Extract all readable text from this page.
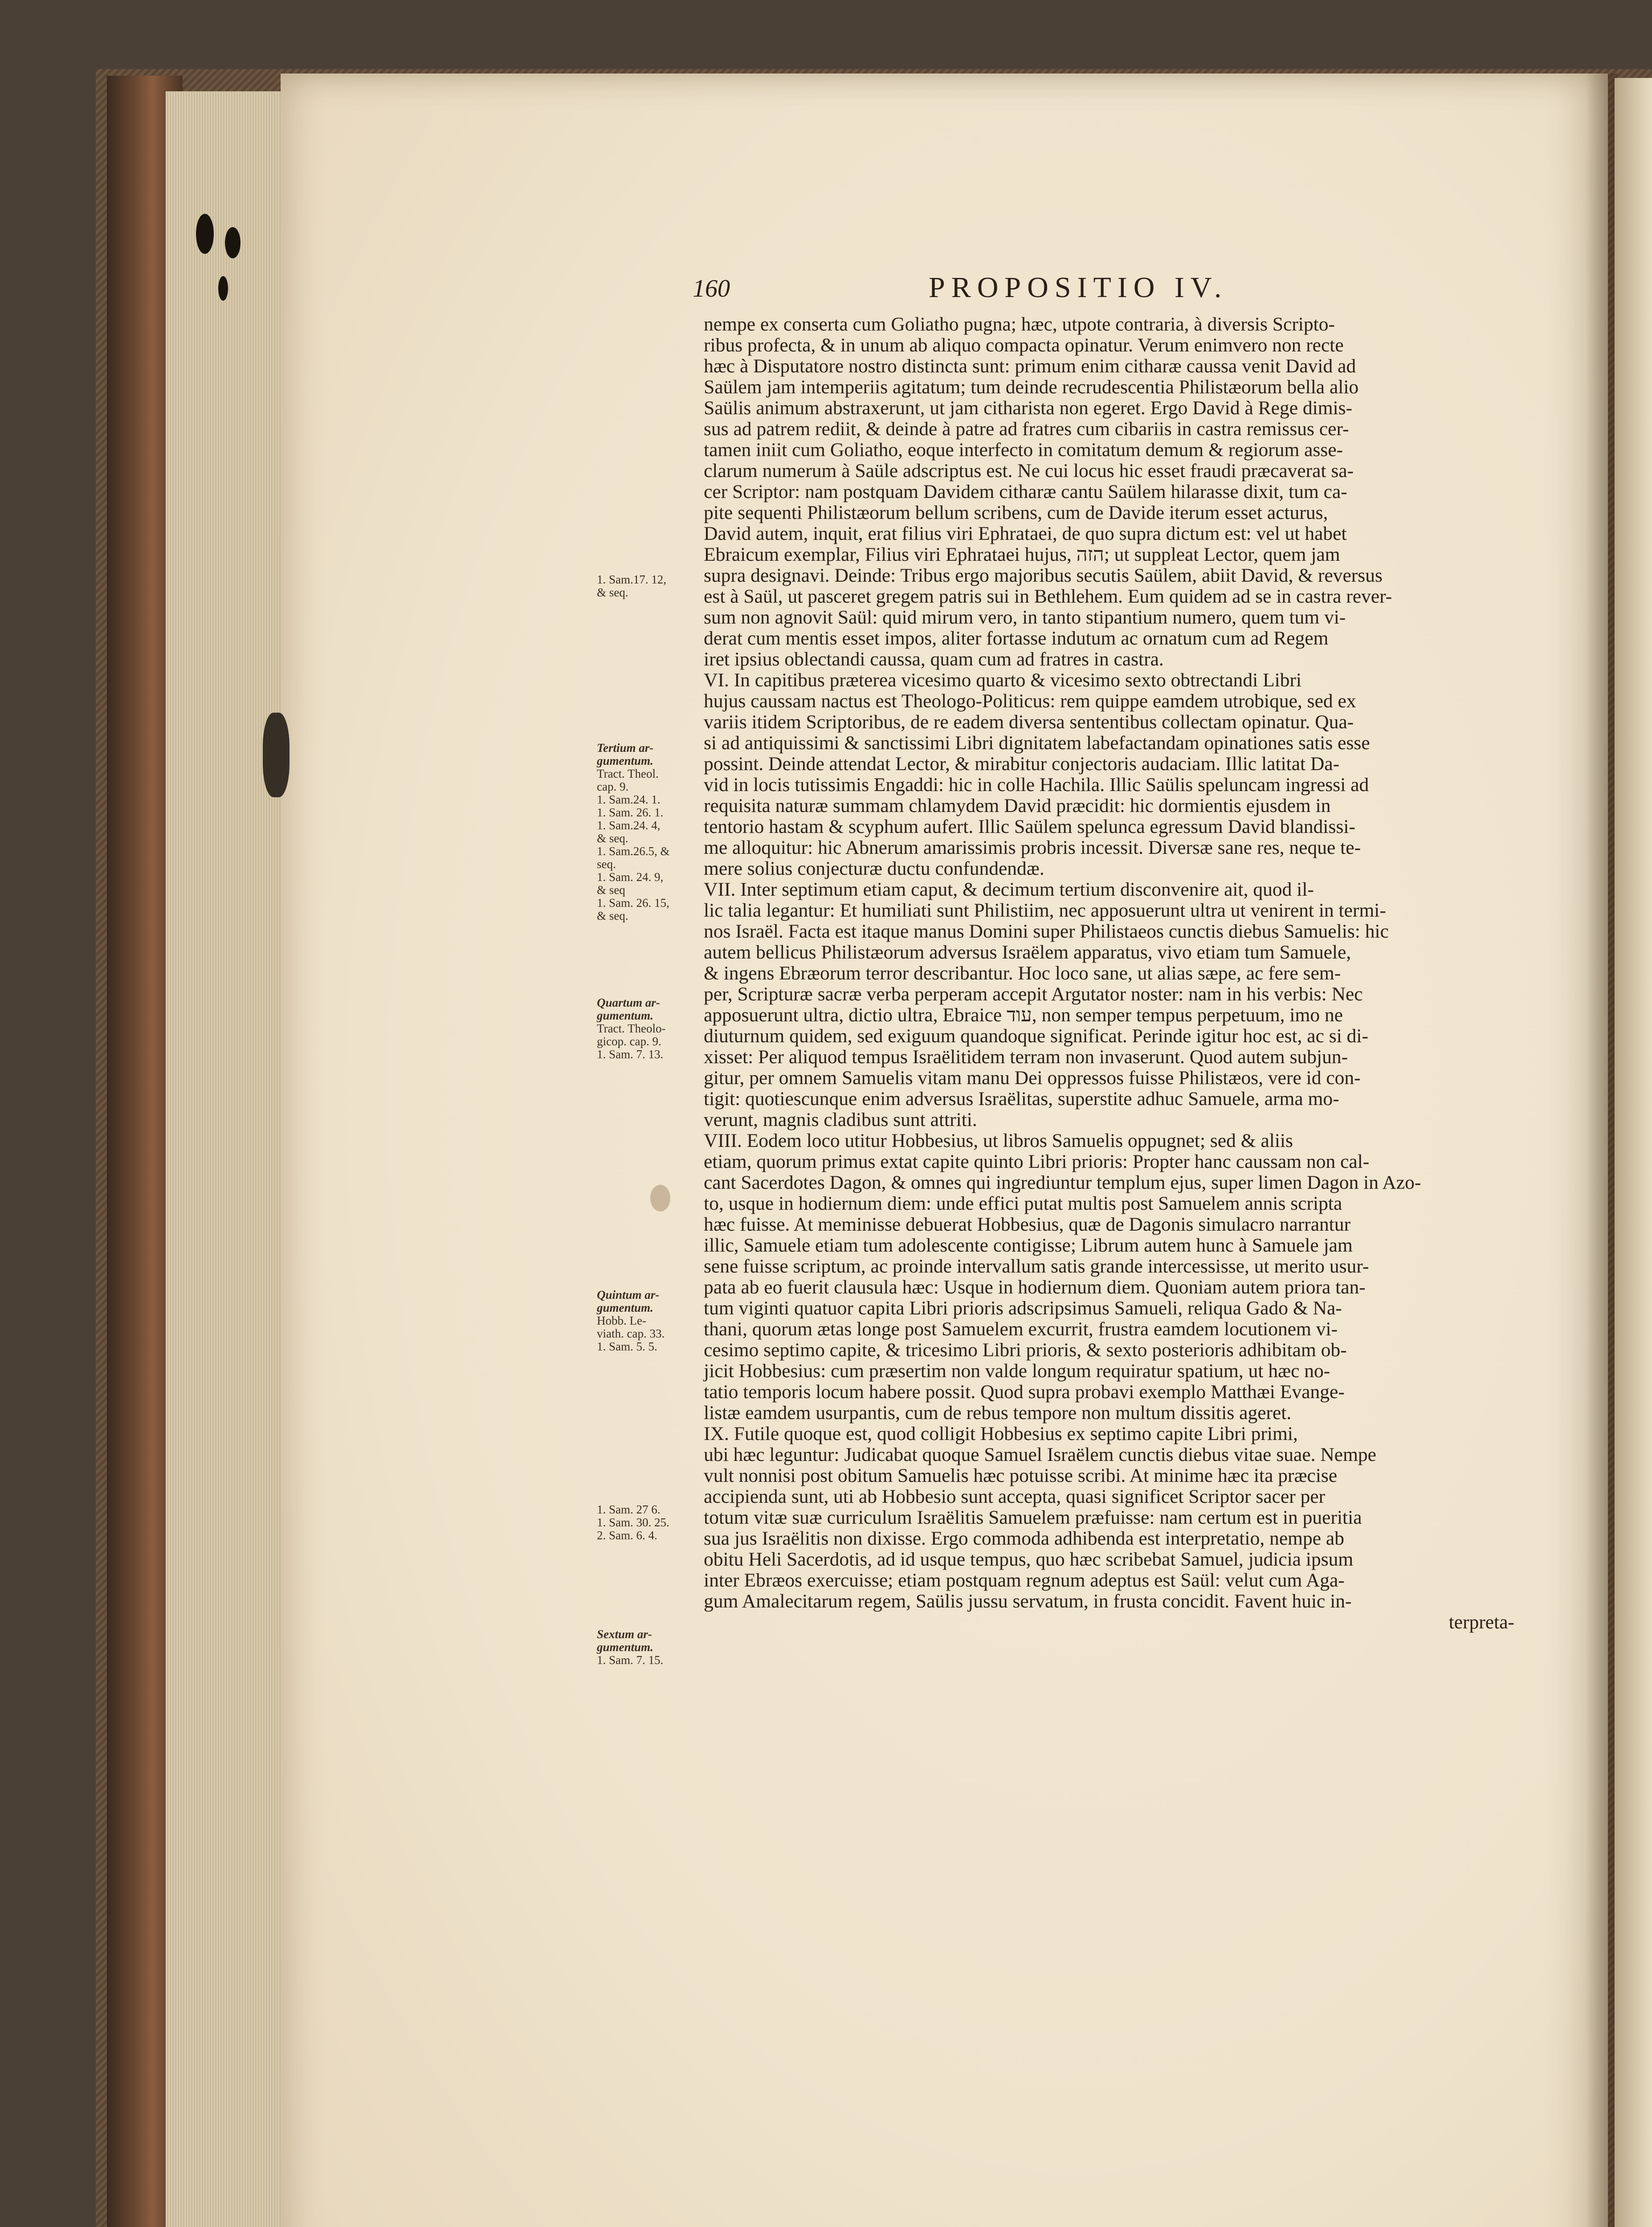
160	PROPOSITIO IV.
1. Sam.17. 12,
& seq.
Tertium ar-
gumentum.
Tract. Theol.
cap. 9.
1. Sam.24. 1.
1. Sam. 26. 1.
1. Sam.24. 4,
& seq.
1. Sam.26.5, &
seq.
1. Sam. 24. 9,
& seq
1. Sam. 26. 15,
& seq.
Quartum ar-
gumentum.
Tract. Theolo-
gicop. cap. 9.
1. Sam. 7. 13.
Quintum ar-
gumentum.
Hobb. Le-
viath. cap. 33.
1. Sam. 5. 5.
1. Sam. 27 6.
1. Sam. 30. 25.
2. Sam. 6. 4.
Sextum ar-
gumentum.
1. Sam. 7. 15.
nempe ex conserta cum Goliatho pugna; hæc, utpote contraria, à diversis Scripto-
ribus profecta, & in unum ab aliquo compacta opinatur. Verum enimvero non recte
hæc à Disputatore nostro distincta sunt: primum enim citharæ caussa venit David ad
Saülem jam intemperiis agitatum; tum deinde recrudescentia Philistæorum bella alio
Saülis animum abstraxerunt, ut jam citharista non egeret. Ergo David à Rege dimis-
sus ad patrem rediit, & deinde à patre ad fratres cum cibariis in castra remissus cer-
tamen iniit cum Goliatho, eoque interfecto in comitatum demum & regiorum asse-
clarum numerum à Saüle adscriptus est. Ne cui locus hic esset fraudi præcaverat sa-
cer Scriptor: nam postquam Davidem citharæ cantu Saülem hilarasse dixit, tum ca-
pite sequenti Philistæorum bellum scribens, cum de Davide iterum esset acturus,
David autem, inquit, erat filius viri Ephrataei, de quo supra dictum est: vel ut habet
Ebraicum exemplar, Filius viri Ephrataei hujus, הזה; ut suppleat Lector, quem jam
supra designavi. Deinde: Tribus ergo majoribus secutis Saülem, abiit David, & reversus
est à Saül, ut pasceret gregem patris sui in Bethlehem. Eum quidem ad se in castra rever-
sum non agnovit Saül: quid mirum vero, in tanto stipantium numero, quem tum vi-
derat cum mentis esset impos, aliter fortasse indutum ac ornatum cum ad Regem
iret ipsius oblectandi caussa, quam cum ad fratres in castra.
VI. In capitibus præterea vicesimo quarto & vicesimo sexto obtrectandi Libri
hujus caussam nactus est Theologo-Politicus: rem quippe eamdem utrobique, sed ex
variis itidem Scriptoribus, de re eadem diversa sententibus collectam opinatur. Qua-
si ad antiquissimi & sanctissimi Libri dignitatem labefactandam opinationes satis esse
possint. Deinde attendat Lector, & mirabitur conjectoris audaciam. Illic latitat Da-
vid in locis tutissimis Engaddi: hic in colle Hachila. Illic Saülis speluncam ingressi ad
requisita naturæ summam chlamydem David præcidit: hic dormientis ejusdem in
tentorio hastam & scyphum aufert. Illic Saülem spelunca egressum David blandissi-
me alloquitur: hic Abnerum amarissimis probris incessit. Diversæ sane res, neque te-
mere solius conjecturæ ductu confundendæ.
VII. Inter septimum etiam caput, & decimum tertium disconvenire ait, quod il-
lic talia legantur: Et humiliati sunt Philistiim, nec apposuerunt ultra ut venirent in termi-
nos Israël. Facta est itaque manus Domini super Philistaeos cunctis diebus Samuelis: hic
autem bellicus Philistæorum adversus Israëlem apparatus, vivo etiam tum Samuele,
& ingens Ebræorum terror describantur. Hoc loco sane, ut alias sæpe, ac fere sem-
per, Scripturæ sacræ verba perperam accepit Argutator noster: nam in his verbis: Nec
apposuerunt ultra, dictio ultra, Ebraice עוד, non semper tempus perpetuum, imo ne
diuturnum quidem, sed exiguum quandoque significat. Perinde igitur hoc est, ac si di-
xisset: Per aliquod tempus Israëlitidem terram non invaserunt. Quod autem subjun-
gitur, per omnem Samuelis vitam manu Dei oppressos fuisse Philistæos, vere id con-
tigit: quotiescunque enim adversus Israëlitas, superstite adhuc Samuele, arma mo-
verunt, magnis cladibus sunt attriti.
VIII. Eodem loco utitur Hobbesius, ut libros Samuelis oppugnet; sed & aliis
etiam, quorum primus extat capite quinto Libri prioris: Propter hanc caussam non cal-
cant Sacerdotes Dagon, & omnes qui ingrediuntur templum ejus, super limen Dagon in Azo-
to, usque in hodiernum diem: unde effici putat multis post Samuelem annis scripta
hæc fuisse. At meminisse debuerat Hobbesius, quæ de Dagonis simulacro narrantur
illic, Samuele etiam tum adolescente contigisse; Librum autem hunc à Samuele jam
sene fuisse scriptum, ac proinde intervallum satis grande intercessisse, ut merito usur-
pata ab eo fuerit clausula hæc: Usque in hodiernum diem. Quoniam autem priora tan-
tum viginti quatuor capita Libri prioris adscripsimus Samueli, reliqua Gado & Na-
thani, quorum ætas longe post Samuelem excurrit, frustra eamdem locutionem vi-
cesimo septimo capite, & tricesimo Libri prioris, & sexto posterioris adhibitam ob-
jicit Hobbesius: cum præsertim non valde longum requiratur spatium, ut hæc no-
tatio temporis locum habere possit. Quod supra probavi exemplo Matthæi Evange-
listæ eamdem usurpantis, cum de rebus tempore non multum dissitis ageret.
IX. Futile quoque est, quod colligit Hobbesius ex septimo capite Libri primi,
ubi hæc leguntur: Judicabat quoque Samuel Israëlem cunctis diebus vitae suae. Nempe
vult nonnisi post obitum Samuelis hæc potuisse scribi. At minime hæc ita præcise
accipienda sunt, uti ab Hobbesio sunt accepta, quasi significet Scriptor sacer per
totum vitæ suæ curriculum Israëlitis Samuelem præfuisse: nam certum est in pueritia
sua jus Israëlitis non dixisse. Ergo commoda adhibenda est interpretatio, nempe ab
obitu Heli Sacerdotis, ad id usque tempus, quo hæc scribebat Samuel, judicia ipsum
inter Ebræos exercuisse; etiam postquam regnum adeptus est Saül: velut cum Aga-
gum Amalecitarum regem, Saülis jussu servatum, in frusta concidit. Favent huic in-
terpreta-
